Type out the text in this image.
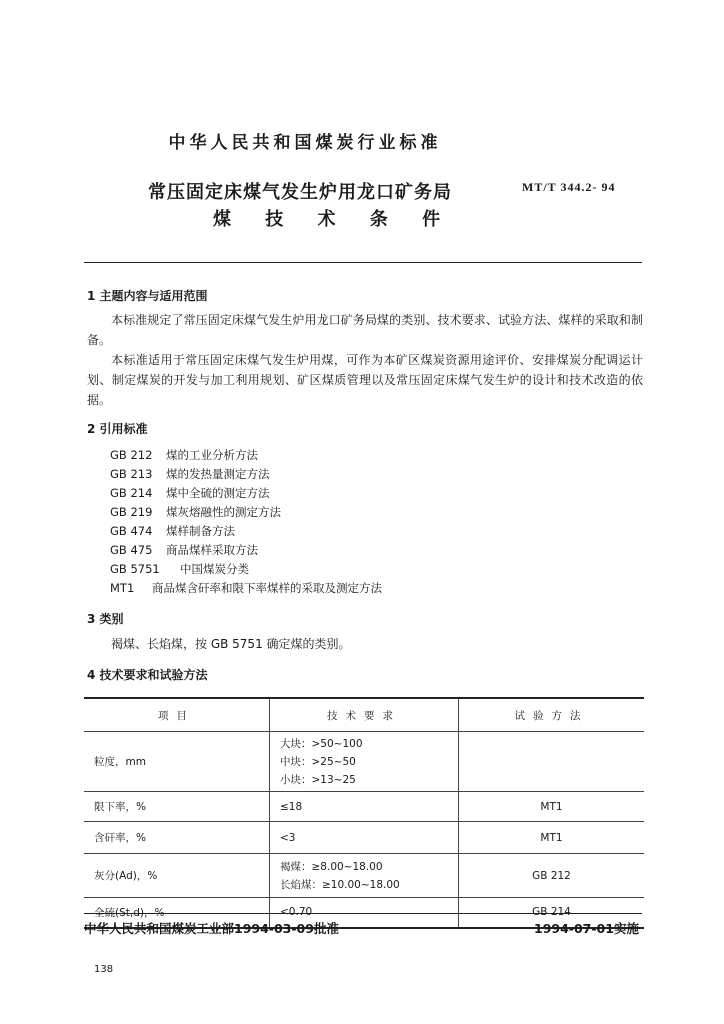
中华人民共和国煤炭行业标准
常压固定床煤气发生炉用龙口矿务局
煤 技 术 条 件
MT/T 344.2- 94
1 主题内容与适用范围
本标准规定了常压固定床煤气发生炉用龙口矿务局煤的类别、技术要求、试验方法、煤样的采取和制备。
本标准适用于常压固定床煤气发生炉用煤，可作为本矿区煤炭资源用途评价、安排煤炭分配调运计划、制定煤炭的开发与加工利用规划、矿区煤质管理以及常压固定床煤气发生炉的设计和技术改造的依据。
2 引用标准
GB 212 煤的工业分析方法
GB 213 煤的发热量测定方法
GB 214 煤中全硫的测定方法
GB 219 煤灰熔融性的测定方法
GB 474 煤样制备方法
GB 475 商品煤样采取方法
GB 5751 中国煤炭分类
MT1 商品煤含矸率和限下率煤样的采取及测定方法
3 类别
褐煤、长焰煤，按 GB 5751 确定煤的类别。
4 技术要求和试验方法
项目	技术要求	试验方法
粒度，mm	大块：>50~100
中块：>25~50
小块：>13~25	

限下率，%	≤18	MT1
含矸率，%	<3	MT1
灰分(Ad)，%	褐煤：≥8.00~18.00
长焰煤：≥10.00~18.00	GB 212
全硫(St,d)，%	<0.70	GB 214
中华人民共和国煤炭工业部1994-03-09批准	1994-07-01实施
138
